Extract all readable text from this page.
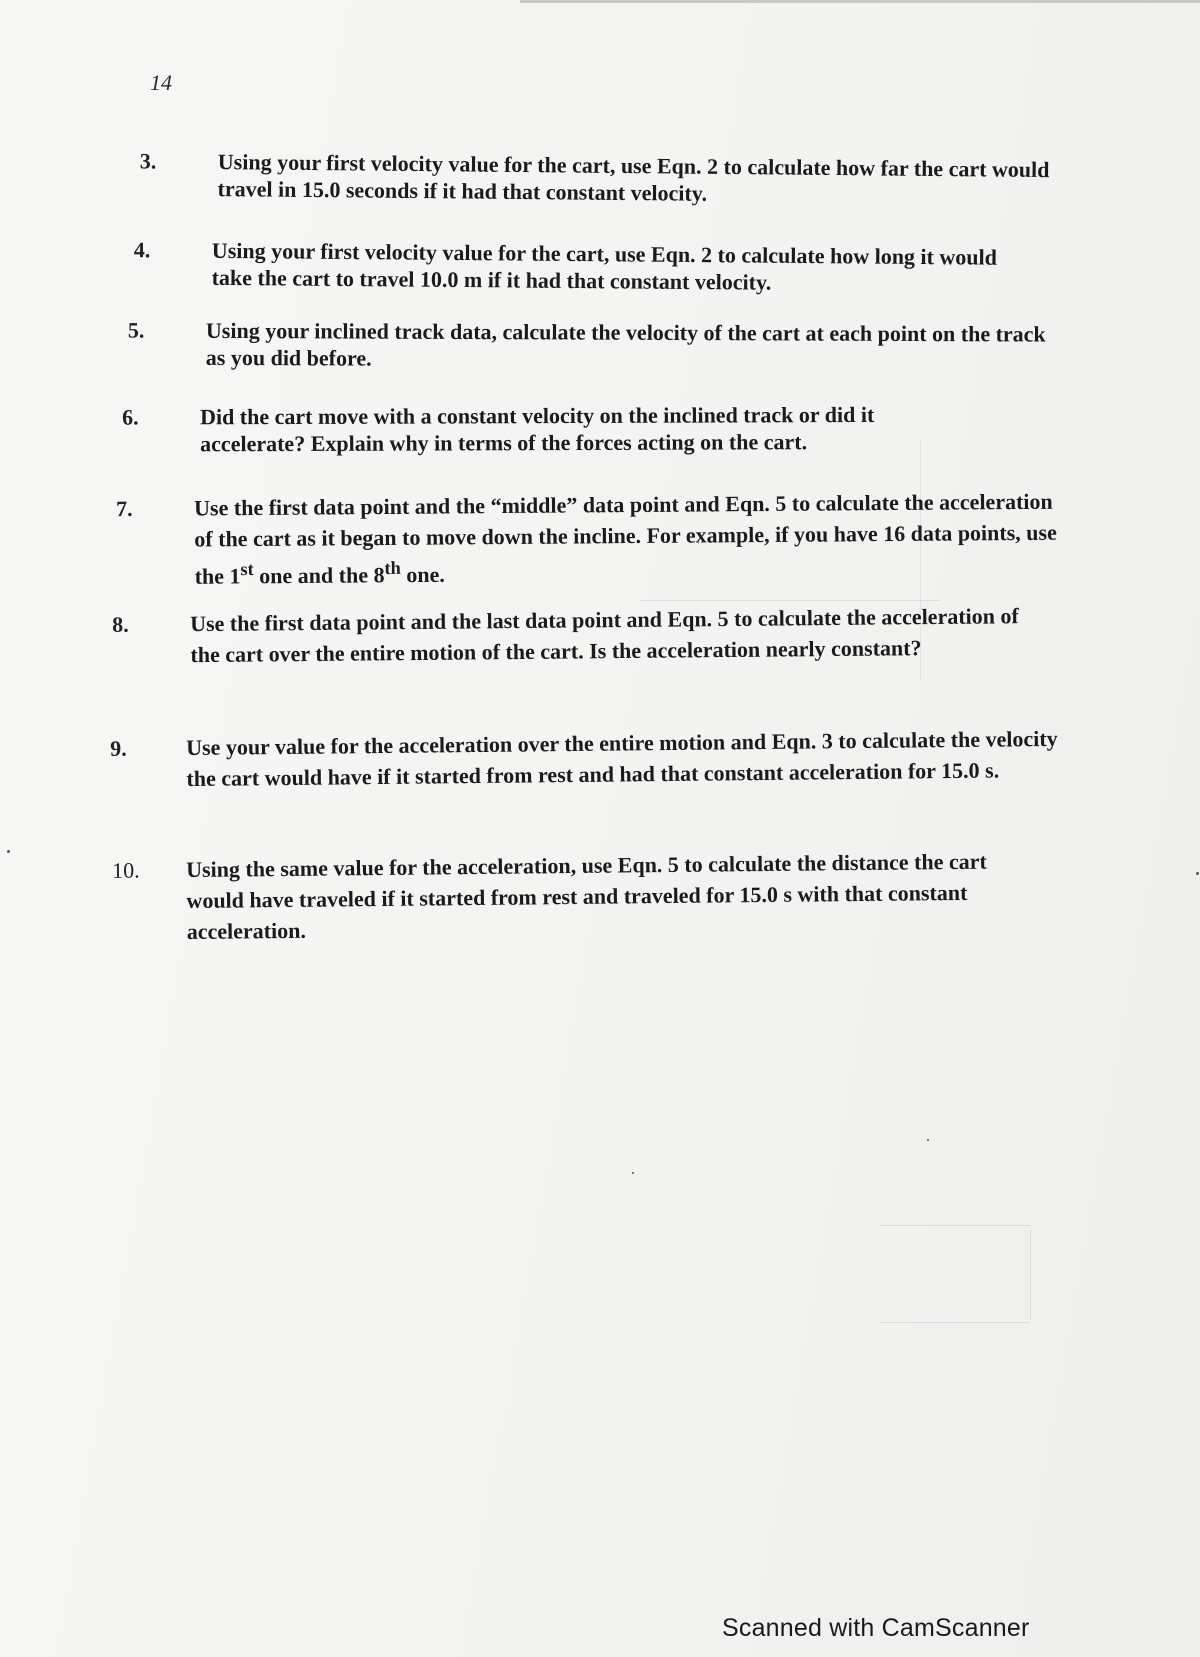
14
3.	Using your first velocity value for the cart, use Eqn. 2 to calculate how far the cart would travel in 15.0 seconds if it had that constant velocity.
4.	Using your first velocity value for the cart, use Eqn. 2 to calculate how long it would take the cart to travel 10.0 m if it had that constant velocity.
5.	Using your inclined track data, calculate the velocity of the cart at each point on the track as you did before.
6.	Did the cart move with a constant velocity on the inclined track or did it accelerate? Explain why in terms of the forces acting on the cart.
7.	Use the first data point and the “middle” data point and Eqn. 5 to calculate the acceleration of the cart as it began to move down the incline. For example, if you have 16 data points, use the 1st one and the 8th one.
8.	Use the first data point and the last data point and Eqn. 5 to calculate the acceleration of the cart over the entire motion of the cart. Is the acceleration nearly constant?
9.	Use your value for the acceleration over the entire motion and Eqn. 3 to calculate the velocity the cart would have if it started from rest and had that constant acceleration for 15.0 s.
10. Using the same value for the acceleration, use Eqn. 5 to calculate the distance the cart would have traveled if it started from rest and traveled for 15.0 s with that constant acceleration.
Scanned with CamScanner
